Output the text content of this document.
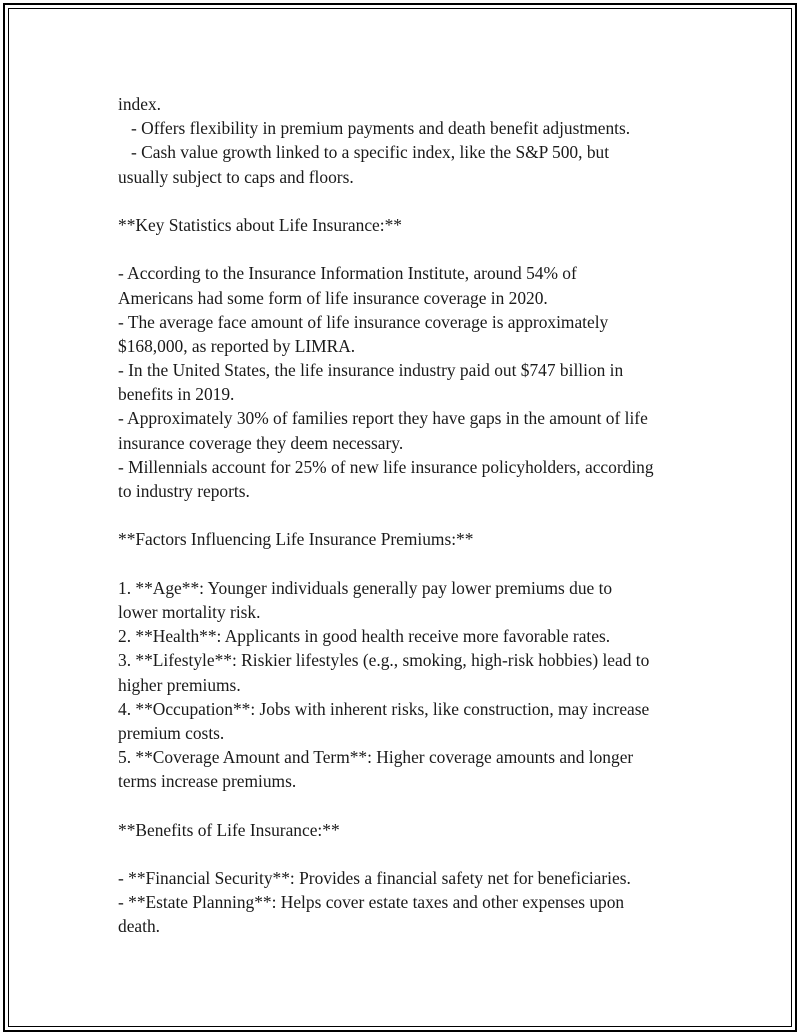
index.
- Offers flexibility in premium payments and death benefit adjustments.
- Cash value growth linked to a specific index, like the S&P 500, but
usually subject to caps and floors.
**Key Statistics about Life Insurance:**
- According to the Insurance Information Institute, around 54% of
Americans had some form of life insurance coverage in 2020.
- The average face amount of life insurance coverage is approximately
$168,000, as reported by LIMRA.
- In the United States, the life insurance industry paid out $747 billion in
benefits in 2019.
- Approximately 30% of families report they have gaps in the amount of life
insurance coverage they deem necessary.
- Millennials account for 25% of new life insurance policyholders, according
to industry reports.
**Factors Influencing Life Insurance Premiums:**
1. **Age**: Younger individuals generally pay lower premiums due to
lower mortality risk.
2. **Health**: Applicants in good health receive more favorable rates.
3. **Lifestyle**: Riskier lifestyles (e.g., smoking, high-risk hobbies) lead to
higher premiums.
4. **Occupation**: Jobs with inherent risks, like construction, may increase
premium costs.
5. **Coverage Amount and Term**: Higher coverage amounts and longer
terms increase premiums.
**Benefits of Life Insurance:**
- **Financial Security**: Provides a financial safety net for beneficiaries.
- **Estate Planning**: Helps cover estate taxes and other expenses upon
death.
